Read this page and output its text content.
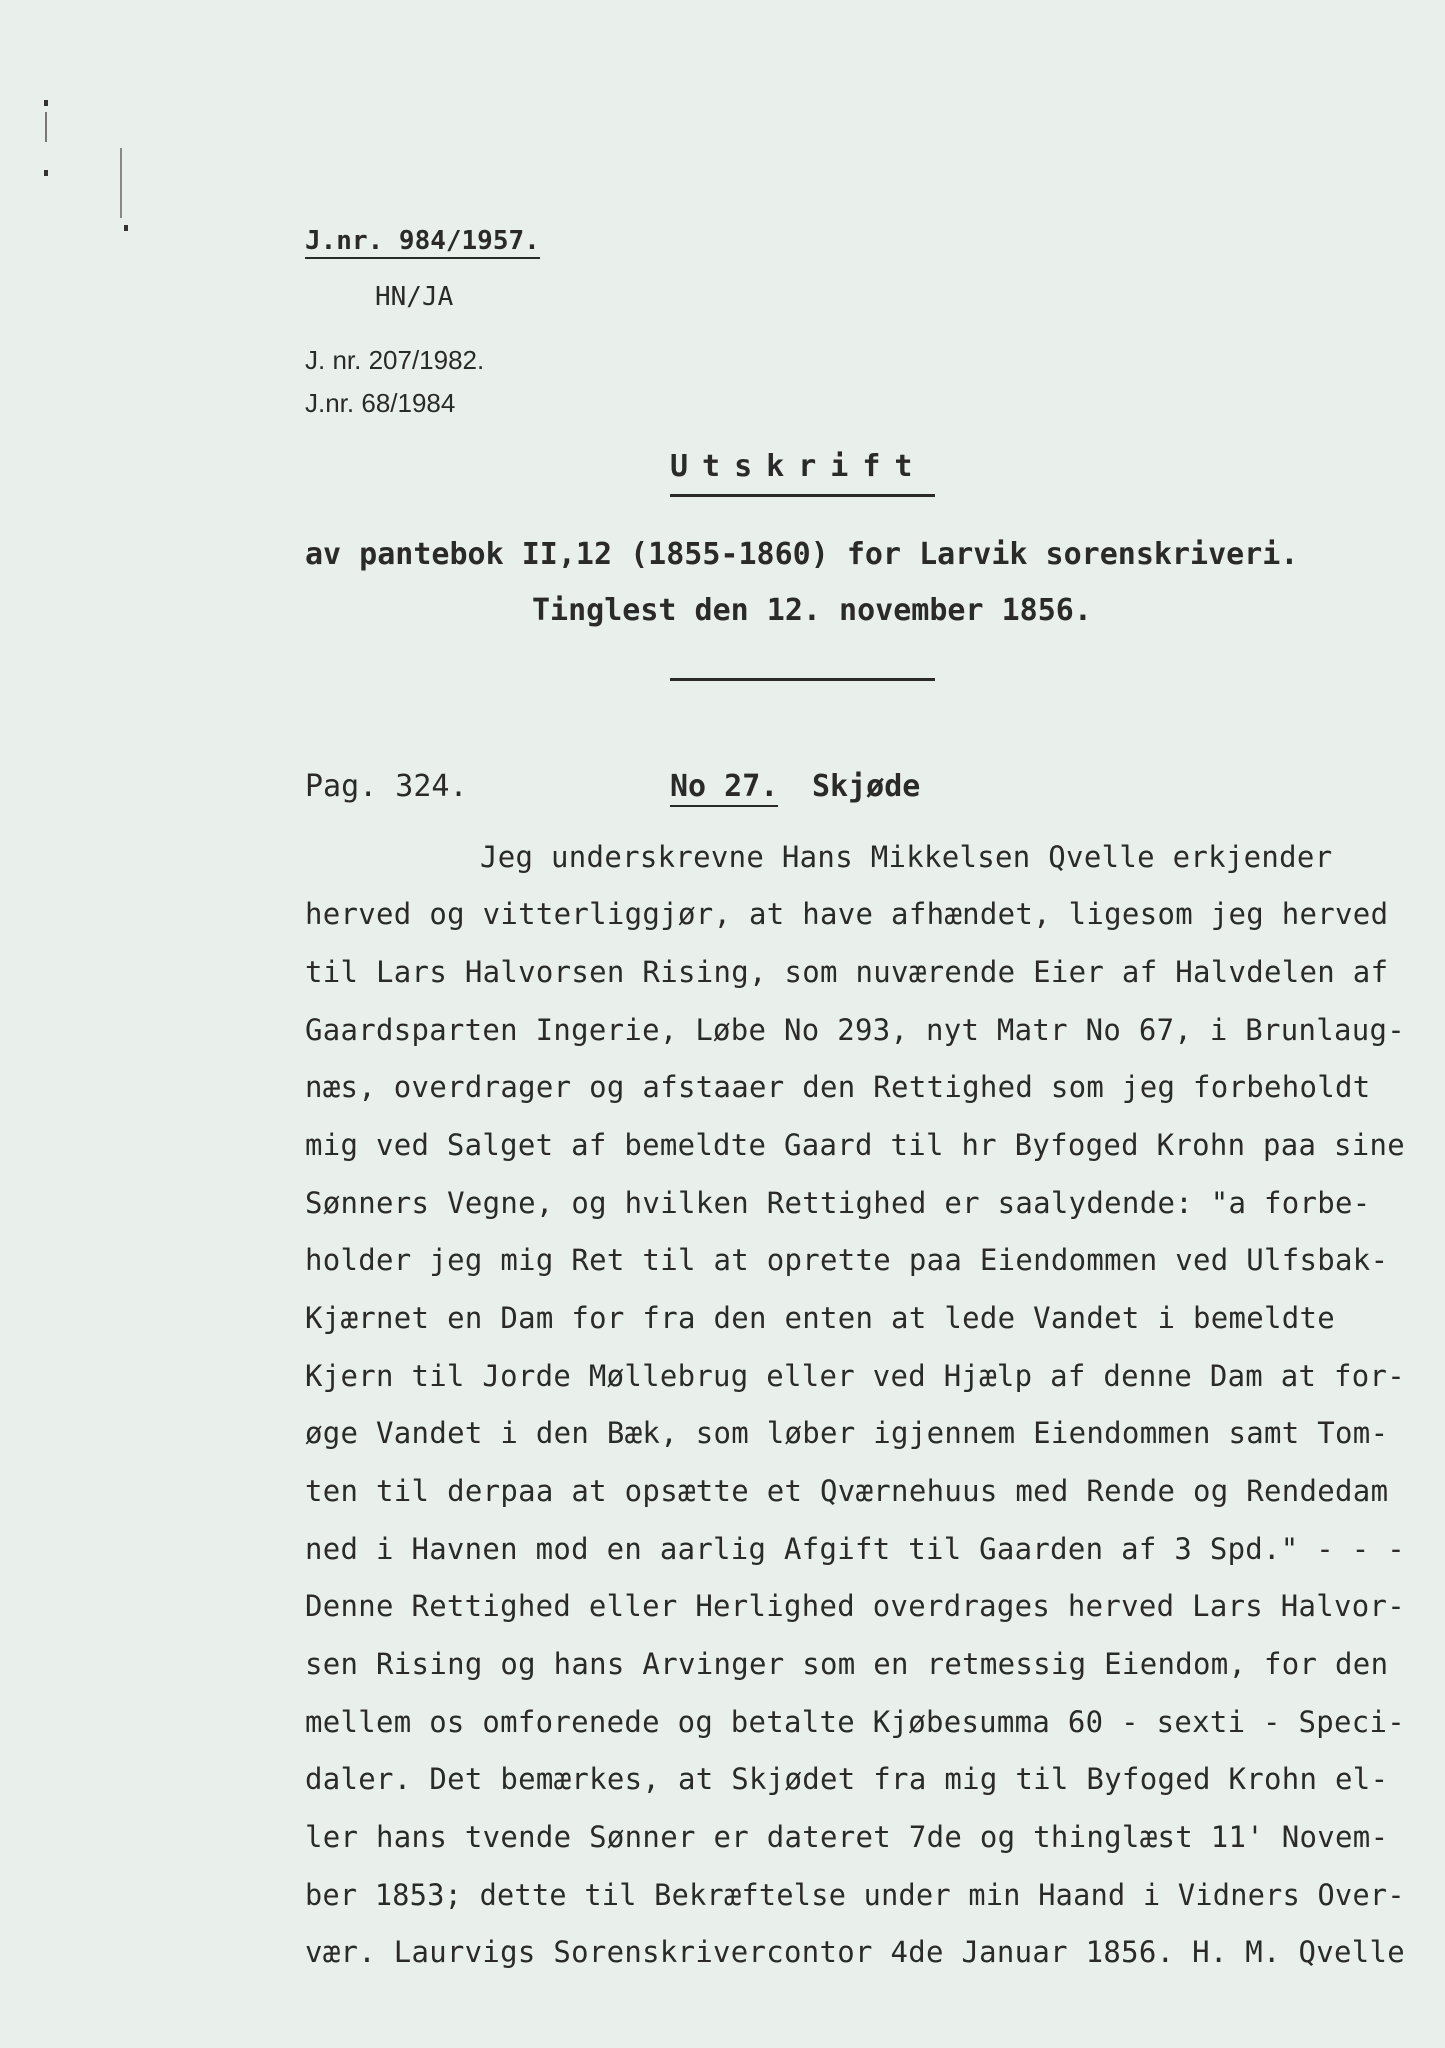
J.nr. 984/1957.
HN/JA
J. nr. 207/1982.
J.nr. 68/1984
Utskrift
av pantebok II,12 (1855-1860) for Larvik sorenskriveri.
Tinglest den 12. november 1856.
Pag. 324.	No 27. Skjøde
Jeg underskrevne Hans Mikkelsen Qvelle erkjender
herved og vitterliggjør, at have afhændet, ligesom jeg herved
til Lars Halvorsen Rising, som nuværende Eier af Halvdelen af
Gaardsparten Ingerie, Løbe No 293, nyt Matr No 67, i Brunlaug-
næs, overdrager og afstaaer den Rettighed som jeg forbeholdt
mig ved Salget af bemeldte Gaard til hr Byfoged Krohn paa sine
Sønners Vegne, og hvilken Rettighed er saalydende: "a forbe-
holder jeg mig Ret til at oprette paa Eiendommen ved Ulfsbak-
Kjærnet en Dam for fra den enten at lede Vandet i bemeldte
Kjern til Jorde Møllebrug eller ved Hjælp af denne Dam at for-
øge Vandet i den Bæk, som løber igjennem Eiendommen samt Tom-
ten til derpaa at opsætte et Qværnehuus med Rende og Rendedam
ned i Havnen mod en aarlig Afgift til Gaarden af 3 Spd." - - -
Denne Rettighed eller Herlighed overdrages herved Lars Halvor-
sen Rising og hans Arvinger som en retmessig Eiendom, for den
mellem os omforenede og betalte Kjøbesumma 60 - sexti - Speci-
daler. Det bemærkes, at Skjødet fra mig til Byfoged Krohn el-
ler hans tvende Sønner er dateret 7de og thinglæst 11' Novem-
ber 1853; dette til Bekræftelse under min Haand i Vidners Over-
vær. Laurvigs Sorenskrivercontor 4de Januar 1856. H. M. Qvelle
